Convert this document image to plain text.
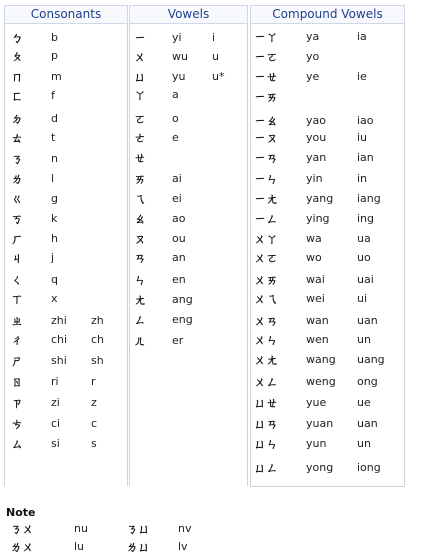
Consonants
ㄅ	b
ㄆ	p
ㄇ	m
ㄈ	f
ㄉ	d
ㄊ	t
ㄋ	n
ㄌ	l
ㄍ	g
ㄎ	k
ㄏ	h
ㄐ	j
ㄑ	q
ㄒ	x
ㄓ	zhi zh
ㄔ	chi ch
ㄕ	shi sh
ㄖ	ri	r
ㄗ	zi	z
ㄘ	ci	c
ㄙ	si	s
Vowels
ㄧ yi	i
ㄨ wu u
ㄩ yu u*
ㄚ a
ㄛ o
ㄜ e
ㄝ
ㄞ ai
ㄟ ei
ㄠ ao
ㄡ ou
ㄢ an
ㄣ en
ㄤ ang
ㄥ eng
ㄦ er
Compound Vowels
ㄧㄚ	ya	ia
ㄧㄛ	yo
ㄧㄝ	ye	ie
ㄧㄞ
ㄧㄠ	yao	iao
ㄧㄡ	you	iu
ㄧㄢ	yan	ian
ㄧㄣ	yin	in
ㄧㄤ	yang iang
ㄧㄥ	ying ing
ㄨㄚ	wa	ua
ㄨㄛ	wo	uo
ㄨㄞ	wai	uai
ㄨㄟ	wei	ui
ㄨㄢ	wan	uan
ㄨㄣ	wen	un
ㄨㄤ	wang uang
ㄨㄥ	weng ong
ㄩㄝ	yue	ue
ㄩㄢ	yuan uan
ㄩㄣ	yun	un
ㄩㄥ	yong iong
Note
ㄋㄨ	nu	ㄋㄩ	nv
ㄌㄨ	lu	ㄌㄩ	lv
